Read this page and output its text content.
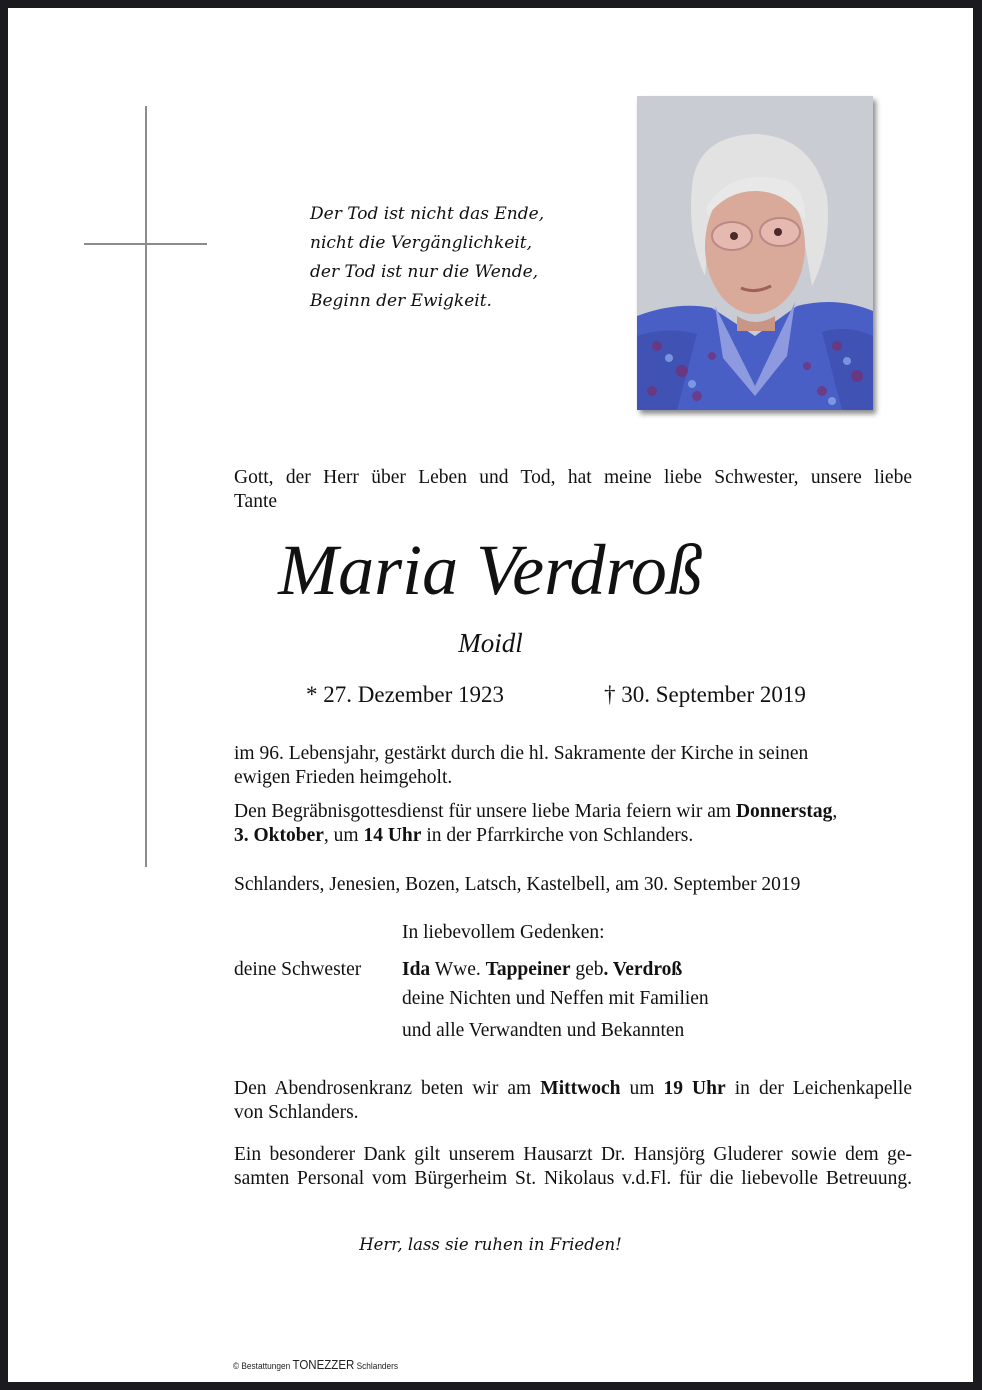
Der Tod ist nicht das Ende,
nicht die Vergänglichkeit,
der Tod ist nur die Wende,
Beginn der Ewigkeit.
Gott, der Herr über Leben und Tod, hat meine liebe Schwester, unsere liebe
Tante
Maria Verdroß
Moidl
* 27. Dezember 1923	† 30. September 2019
im 96. Lebensjahr, gestärkt durch die hl. Sakramente der Kirche in seinen
ewigen Frieden heimgeholt.
Den Begräbnisgottesdienst für unsere liebe Maria feiern wir am Donnerstag,
3. Oktober, um 14 Uhr in der Pfarrkirche von Schlanders.
Schlanders, Jenesien, Bozen, Latsch, Kastelbell, am 30. September 2019
In liebevollem Gedenken:
deine Schwester Ida Wwe. Tappeiner geb. Verdroß
deine Nichten und Neffen mit Familien
und alle Verwandten und Bekannten
Den Abendrosenkranz beten wir am Mittwoch um 19 Uhr in der Leichenkapelle
von Schlanders.
Ein besonderer Dank gilt unserem Hausarzt Dr. Hansjörg Gluderer sowie dem ge-
samten Personal vom Bürgerheim St. Nikolaus v.d.Fl. für die liebevolle Betreuung.
Herr, lass sie ruhen in Frieden!
© Bestattungen TONEZZER Schlanders
